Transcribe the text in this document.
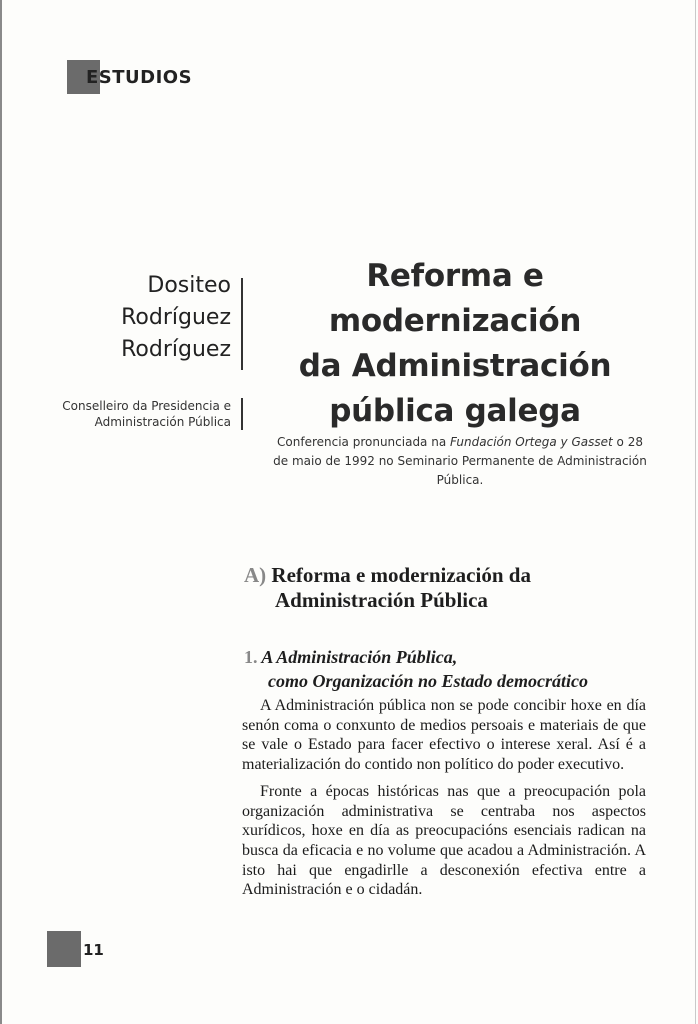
ESTUDIOS
Dositeo
Rodríguez
Rodríguez
Conselleiro da Presidencia e
Administración Pública
Reforma e modernización
da Administración
pública galega
Conferencia pronunciada na Fundación Ortega y Gasset o 28 de maio de 1992 no Seminario Permanente de Administración Pública.
A) Reforma e modernización da
Administración Pública
1. A Administración Pública,
como Organización no Estado democrático

A Administración pública non se pode concibir hoxe en día senón coma o conxunto de medios persoais e materiais de que se vale o Estado para facer efectivo o interese xeral. Así é a materialización do contido non político do poder executivo.

Fronte a épocas históricas nas que a preocupación pola organización administrativa se centraba nos aspectos xurídicos, hoxe en día as preocupacións esenciais radican na busca da eficacia e no volume que acadou a Administración. A isto hai que engadirlle a desconexión efectiva entre a Administración e o cidadán.

11
